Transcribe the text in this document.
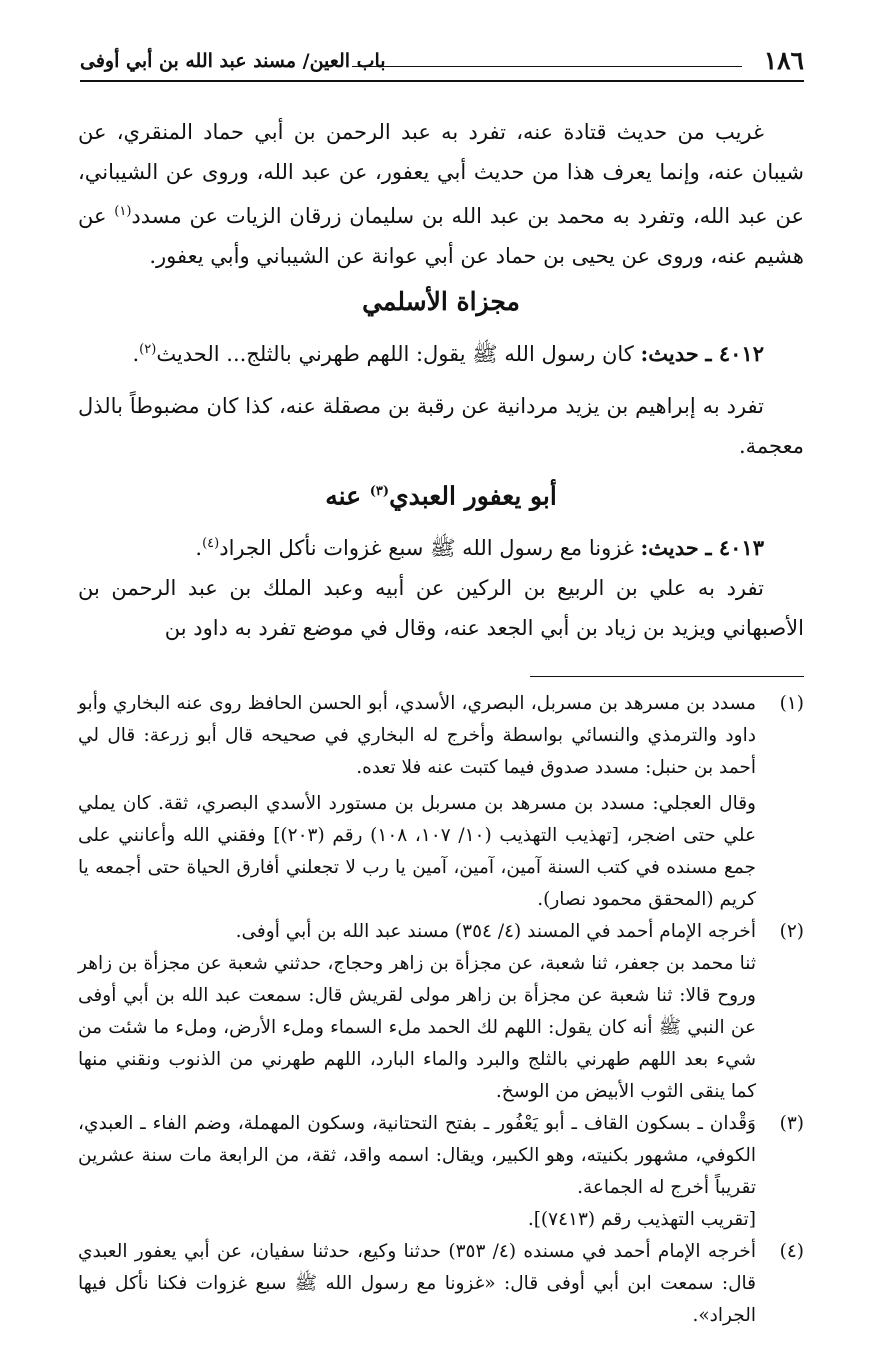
١٨٦
باب العين/ مسند عبد الله بن أبي أوفى

غريب من حديث قتادة عنه، تفرد به عبد الرحمن بن أبي حماد المنقري، عن شيبان عنه، وإنما يعرف هذا من حديث أبي يعفور، عن عبد الله، وروى عن الشيباني، عن عبد الله، وتفرد به محمد بن عبد الله بن سليمان زرقان الزيات عن مسدد$^{(١)}$ عن هشيم عنه، وروى عن يحيى بن حماد عن أبي عوانة عن الشيباني وأبي يعفور.

مجزاة الأسلمي

٤٠١٢ ـ حديث: كان رسول الله ﷺ يقول: اللهم طهرني بالثلج... الحديث$^{(٢)}$.

تفرد به إبراهيم بن يزيد مردانية عن رقبة بن مصقلة عنه، كذا كان مضبوطاً بالذل معجمة.

أبو يعفور العبدي$^{(٣)}$ عنه

٤٠١٣ ـ حديث: غزونا مع رسول الله ﷺ سبع غزوات نأكل الجراد$^{(٤)}$.

تفرد به علي بن الربيع بن الركين عن أبيه وعبد الملك بن عبد الرحمن بن الأصبهاني ويزيد بن زياد بن أبي الجعد عنه، وقال في موضع تفرد به داود بن

(١)

مسدد بن مسرهد بن مسربل، البصري، الأسدي، أبو الحسن الحافظ روى عنه البخاري وأبو داود والترمذي والنسائي بواسطة وأخرج له البخاري في صحيحه قال أبو زرعة: قال لي أحمد بن حنبل: مسدد صدوق فيما كتبت عنه فلا تعده.

وقال العجلي: مسدد بن مسرهد بن مسربل بن مستورد الأسدي البصري، ثقة. كان يملي علي حتى اضجر، [تهذيب التهذيب (١٠/ ١٠٧، ١٠٨) رقم (٢٠٣)] وفقني الله وأعانني على جمع مسنده في كتب السنة آمين، آمين، آمين يا رب لا تجعلني أفارق الحياة حتى أجمعه يا كريم (المحقق محمود نصار).

(٢)

أخرجه الإمام أحمد في المسند (٤/ ٣٥٤) مسند عبد الله بن أبي أوفى.

ثنا محمد بن جعفر، ثنا شعبة، عن مجزأة بن زاهر وحجاج، حدثني شعبة عن مجزأة بن زاهر وروح قالا: ثنا شعبة عن مجزأة بن زاهر مولى لقريش قال: سمعت عبد الله بن أبي أوفى عن النبي ﷺ أنه كان يقول: اللهم لك الحمد ملء السماء وملء الأرض، وملء ما شئت من شيء بعد اللهم طهرني بالثلج والبرد والماء البارد، اللهم طهرني من الذنوب ونقني منها كما ينقى الثوب الأبيض من الوسخ.

(٣)

وَقْدان ـ بسكون القاف ـ أبو يَعْفُور ـ بفتح التحتانية، وسكون المهملة، وضم الفاء ـ العبدي، الكوفي، مشهور بكنيته، وهو الكبير، ويقال: اسمه واقد، ثقة، من الرابعة مات سنة عشرين تقريباً أخرج له الجماعة.

[تقريب التهذيب رقم (٧٤١٣)].

(٤)

أخرجه الإمام أحمد في مسنده (٤/ ٣٥٣) حدثنا وكيع، حدثنا سفيان، عن أبي يعفور العبدي قال: سمعت ابن أبي أوفى قال: «غزونا مع رسول الله ﷺ سبع غزوات فكنا نأكل فيها الجراد».
